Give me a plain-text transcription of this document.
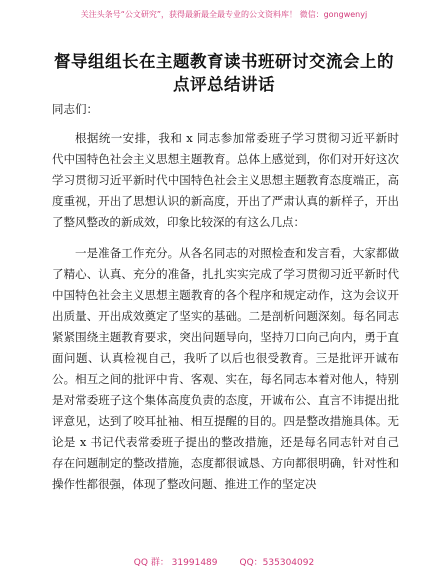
关注头条号“公文研究”，获得最新最全最专业的公文资料库！ 微信：gongwenyj
督导组组长在主题教育读书班研讨交流会上的
点评总结讲话
同志们：

根据统一安排，我和 x 同志参加常委班子学习贯彻习近平新时代中国特色社会主义思想主题教育。总体上感觉到，你们对开好这次学习贯彻习近平新时代中国特色社会主义思想主题教育态度端正，高度重视，开出了思想认识的新高度，开出了严肃认真的新样子，开出了整风整改的新成效，印象比较深的有这么几点：

一是准备工作充分。从各名同志的对照检查和发言看，大家都做了精心、认真、充分的准备，扎扎实实完成了学习贯彻习近平新时代中国特色社会主义思想主题教育的各个程序和规定动作，这为会议开出质量、开出成效奠定了坚实的基础。二是剖析问题深刻。每名同志紧紧围绕主题教育要求，突出问题导向，坚持刀口向己向内，勇于直面问题、认真检视自己，我听了以后也很受教育。三是批评开诚布公。相互之间的批评中肯、客观、实在，每名同志本着对他人，特别是对常委班子这个集体高度负责的态度，开诚布公、直言不讳提出批评意见，达到了咬耳扯袖、相互提醒的目的。四是整改措施具体。无论是 x 书记代表常委班子提出的整改措施，还是每名同志针对自己存在问题制定的整改措施，态度都很诚恳、方向都很明确，针对性和操作性都很强，体现了整改问题、推进工作的坚定决

QQ 群： 31991489 QQ：535304092
